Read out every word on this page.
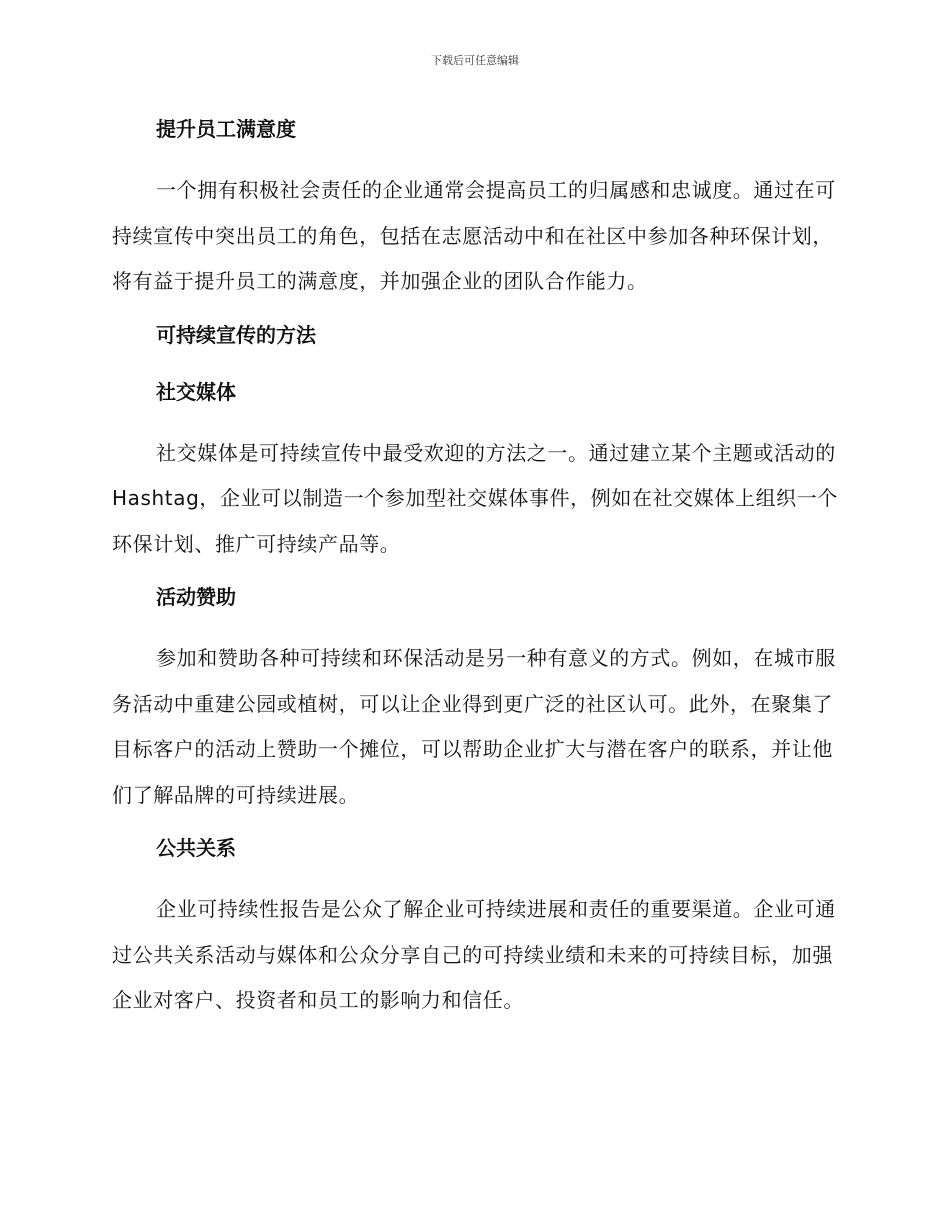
下载后可任意编辑
提升员工满意度

一个拥有积极社会责任的企业通常会提高员工的归属感和忠诚度。通过在可持续宣传中突出员工的角色，包括在志愿活动中和在社区中参加各种环保计划，将有益于提升员工的满意度，并加强企业的团队合作能力。

可持续宣传的方法
社交媒体

社交媒体是可持续宣传中最受欢迎的方法之一。通过建立某个主题或活动的 Hashtag，企业可以制造一个参加型社交媒体事件，例如在社交媒体上组织一个环保计划、推广可持续产品等。

活动赞助

参加和赞助各种可持续和环保活动是另一种有意义的方式。例如，在城市服务活动中重建公园或植树，可以让企业得到更广泛的社区认可。此外，在聚集了目标客户的活动上赞助一个摊位，可以帮助企业扩大与潜在客户的联系，并让他们了解品牌的可持续进展。

公共关系

企业可持续性报告是公众了解企业可持续进展和责任的重要渠道。企业可通过公共关系活动与媒体和公众分享自己的可持续业绩和未来的可持续目标，加强企业对客户、投资者和员工的影响力和信任。
